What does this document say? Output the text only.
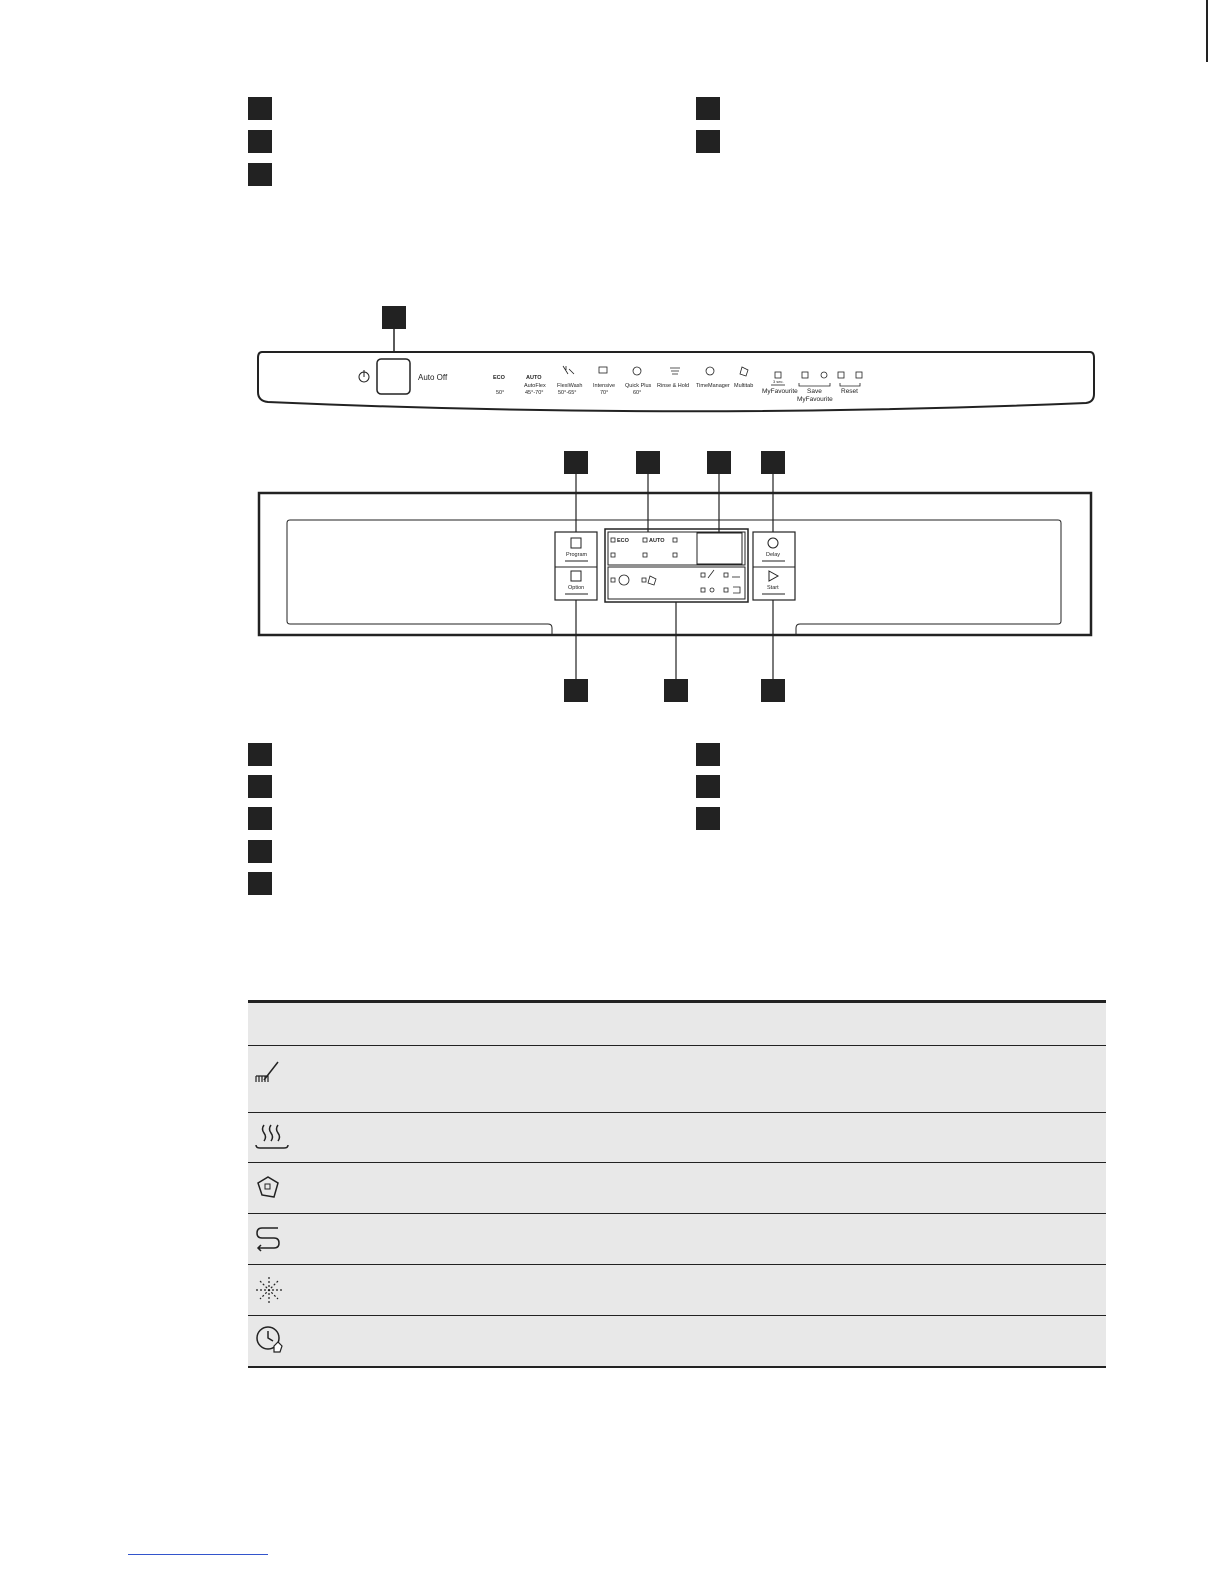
Auto Off	ECO
50°
AUTO
AutoFlex
45°-70°
FlexiWash
50°-65°
Intensive
70°
Quick Plus
60°
Rinse & Hold TimeManager Multitab
MyFavourite
3 sec.
Save
MyFavourite
Reset
Program
Option
ECO	AUTO
Delay
Start
